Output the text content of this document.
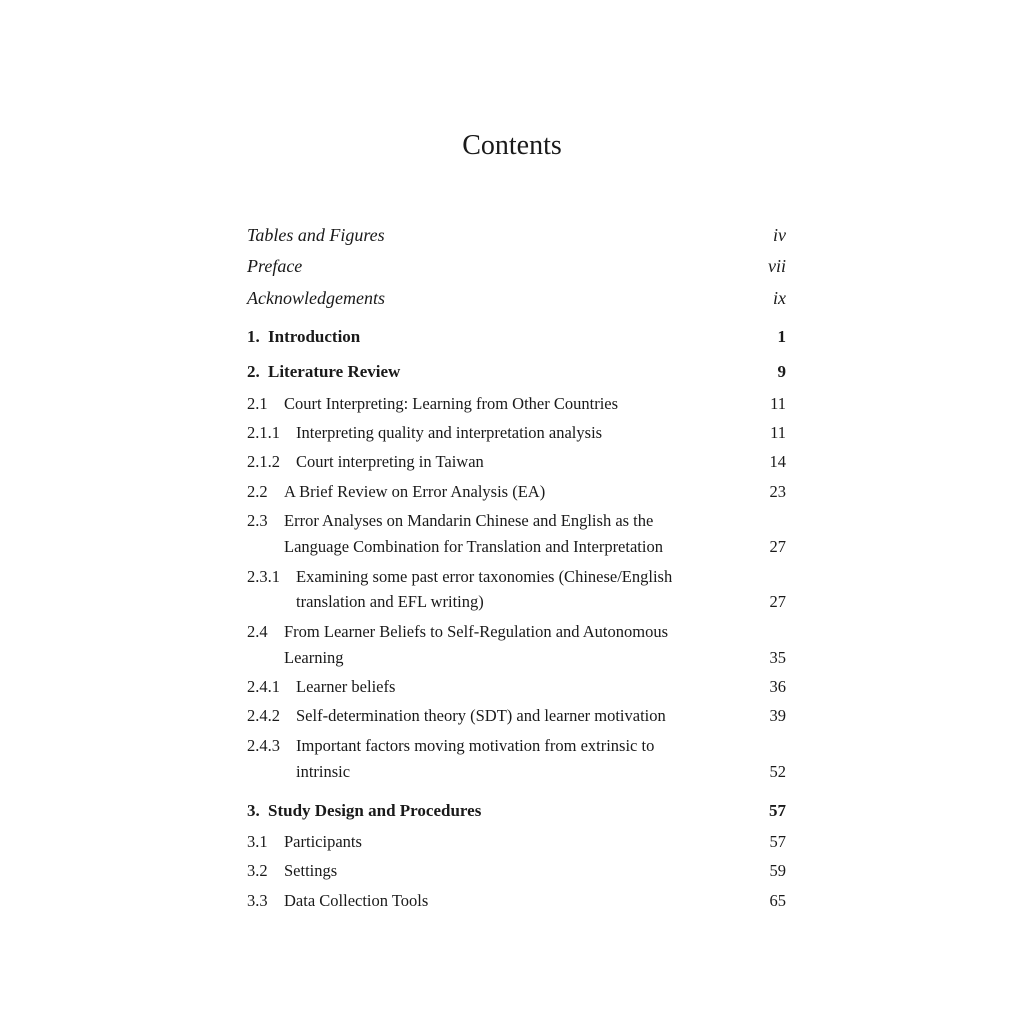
Contents
Tables and Figures	iv
Preface	vii
Acknowledgements	ix
1. Introduction	1
2. Literature Review	9
2.1 Court Interpreting: Learning from Other Countries	11
2.1.1 Interpreting quality and interpretation analysis	11
2.1.2 Court interpreting in Taiwan	14
2.2 A Brief Review on Error Analysis (EA)	23
2.3 Error Analyses on Mandarin Chinese and English as the
Language Combination for Translation and Interpretation	27
2.3.1 Examining some past error taxonomies (Chinese/English
translation and EFL writing)	27
2.4 From Learner Beliefs to Self-Regulation and Autonomous
Learning	35
2.4.1 Learner beliefs	36
2.4.2 Self-determination theory (SDT) and learner motivation	39
2.4.3 Important factors moving motivation from extrinsic to
intrinsic	52
3. Study Design and Procedures	57
3.1 Participants	57
3.2 Settings	59
3.3 Data Collection Tools	65
